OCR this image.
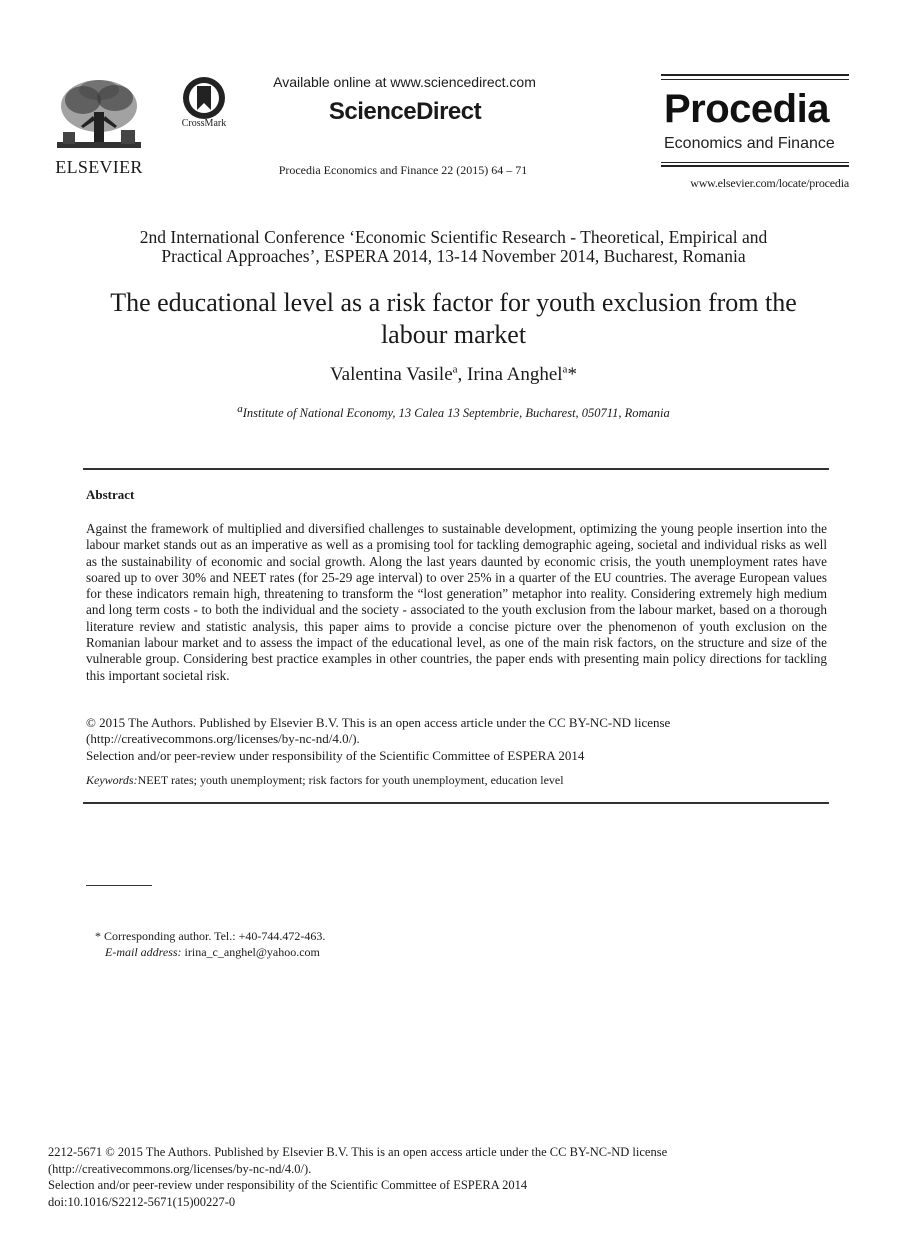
ELSEVIER
CrossMark
Available online at www.sciencedirect.com
ScienceDirect
Procedia Economics and Finance 22 (2015) 64 – 71
Procedia
Economics and Finance
www.elsevier.com/locate/procedia
2nd International Conference ‘Economic Scientific Research - Theoretical, Empirical and
Practical Approaches’, ESPERA 2014, 13-14 November 2014, Bucharest, Romania
The educational level as a risk factor for youth exclusion from the
labour market
Valentina Vasile$^a$, Irina Anghel$^a$*
$^a$Institute of National Economy, 13 Calea 13 Septembrie, Bucharest, 050711, Romania
Abstract
Against the framework of multiplied and diversified challenges to sustainable development, optimizing the young people insertion into the labour market stands out as an imperative as well as a promising tool for tackling demographic ageing, societal and individual risks as well as the sustainability of economic and social growth. Along the last years daunted by economic crisis, the youth unemployment rates have soared up to over 30% and NEET rates (for 25-29 age interval) to over 25% in a quarter of the EU countries. The average European values for these indicators remain high, threatening to transform the “lost generation” metaphor into reality. Considering extremely high medium and long term costs - to both the individual and the society - associated to the youth exclusion from the labour market, based on a thorough literature review and statistic analysis, this paper aims to provide a concise picture over the phenomenon of youth exclusion on the Romanian labour market and to assess the impact of the educational level, as one of the main risk factors, on the structure and size of the vulnerable group. Considering best practice examples in other countries, the paper ends with presenting main policy directions for tackling this important societal risk.
© 2015 The Authors. Published by Elsevier B.V. This is an open access article under the CC BY-NC-ND license
(http://creativecommons.org/licenses/by-nc-nd/4.0/).
Selection and/or peer-review under responsibility of the Scientific Committee of ESPERA 2014
Keywords:NEET rates; youth unemployment; risk factors for youth unemployment, education level
* Corresponding author. Tel.: +40-744.472-463.
E-mail address: irina_c_anghel@yahoo.com
2212-5671 © 2015 The Authors. Published by Elsevier B.V. This is an open access article under the CC BY-NC-ND license
(http://creativecommons.org/licenses/by-nc-nd/4.0/).
Selection and/or peer-review under responsibility of the Scientific Committee of ESPERA 2014
doi:10.1016/S2212-5671(15)00227-0
